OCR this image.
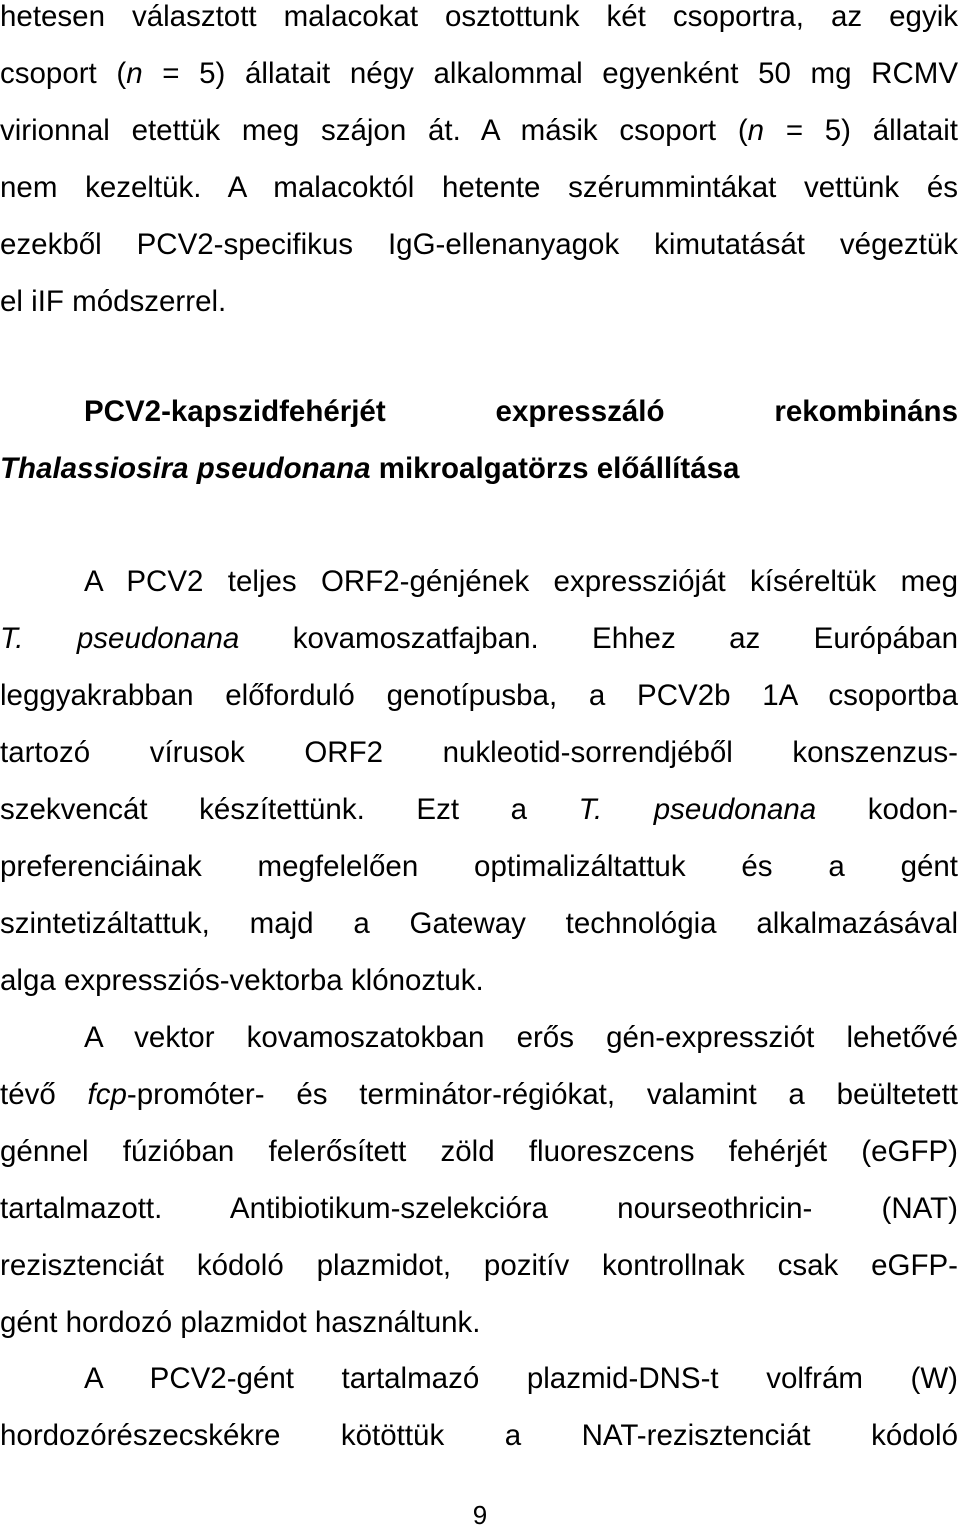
hetesen választott malacokat osztottunk két csoportra, az egyik
csoport (n = 5) állatait négy alkalommal egyenként 50 mg RCMV
virionnal etettük meg szájon át. A másik csoport (n = 5) állatait
nem kezeltük. A malacoktól hetente szérummintákat vettünk és
ezekből PCV2-specifikus IgG-ellenanyagok kimutatását végeztük
el iIF módszerrel.
PCV2-kapszidfehérjét expresszáló rekombináns
Thalassiosira pseudonana mikroalgatörzs előállítása
A PCV2 teljes ORF2-génjének expresszióját kíséreltük meg
T. pseudonana kovamoszatfajban. Ehhez az Európában
leggyakrabban előforduló genotípusba, a PCV2b 1A csoportba
tartozó vírusok ORF2 nukleotid-sorrendjéből konszenzus-
szekvencát készítettünk. Ezt a T. pseudonana kodon-
preferenciáinak megfelelően optimalizáltattuk és a gént
szintetizáltattuk, majd a Gateway technológia alkalmazásával
alga expressziós-vektorba klónoztuk.
A vektor kovamoszatokban erős gén-expressziót lehetővé
tévő fcp-promóter- és terminátor-régiókat, valamint a beültetett
génnel fúzióban felerősített zöld fluoreszcens fehérjét (eGFP)
tartalmazott. Antibiotikum-szelekcióra nourseothricin- (NAT)
rezisztenciát kódoló plazmidot, pozitív kontrollnak csak eGFP-
gént hordozó plazmidot használtunk.
A PCV2-gént tartalmazó plazmid-DNS-t volfrám (W)
hordozórészecskékre kötöttük a NAT-rezisztenciát kódoló
9
